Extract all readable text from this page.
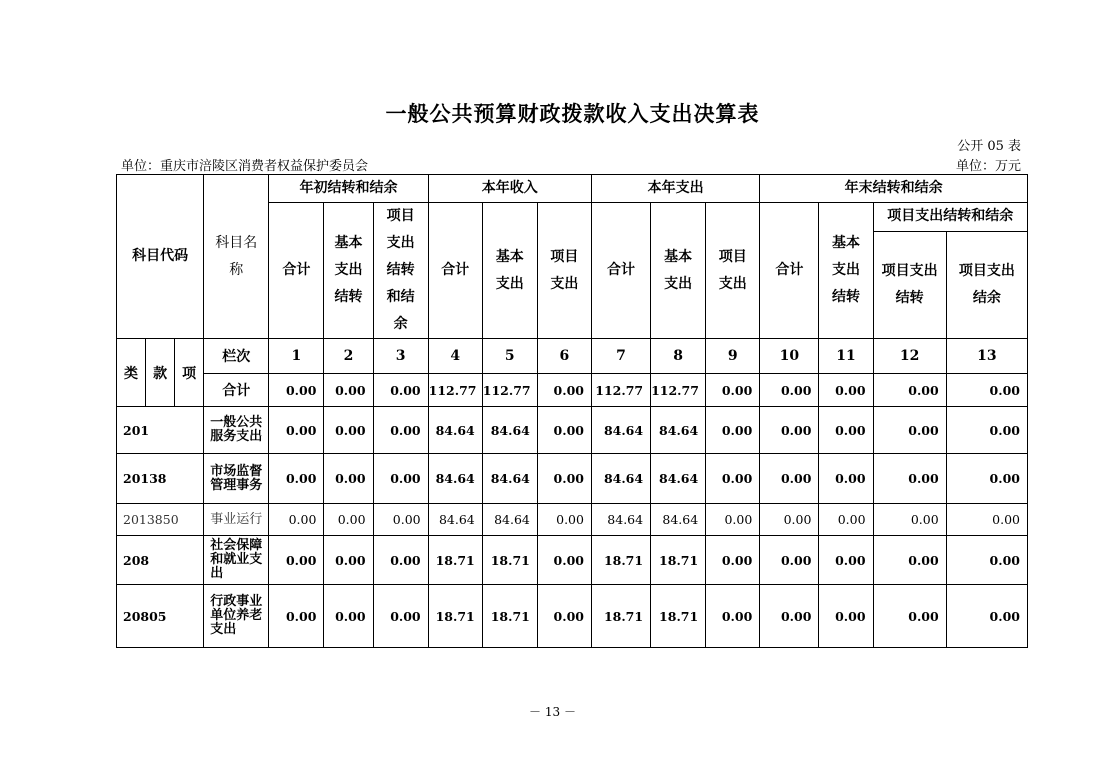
一般公共预算财政拨款收入支出决算表
公开 05 表
单位：重庆市涪陵区消费者权益保护委员会	单位：万元
科目代码			科目名称	年初结转和结余			本年收入			本年支出			年末结转和结余			
				合计	基本支出结转	项目支出结转和结余	合计	基本支出	项目支出	合计	基本支出	项目支出	合计	基本支出结转	项目支出结转和结余	
															项目支出结转	项目支出结余
类	款	项	栏次	1	2	3	4	5	6	7	8	9	10	11	12	13
			合计	0.00	0.00	0.00	112.77	112.77	0.00	112.77	112.77	0.00	0.00	0.00	0.00	0.00
201			一般公共服务支出	0.00	0.00	0.00	84.64	84.64	0.00	84.64	84.64	0.00	0.00	0.00	0.00	0.00
20138			市场监督管理事务	0.00	0.00	0.00	84.64	84.64	0.00	84.64	84.64	0.00	0.00	0.00	0.00	0.00
2013850			事业运行	0.00	0.00	0.00	84.64	84.64	0.00	84.64	84.64	0.00	0.00	0.00	0.00	0.00
208			社会保障和就业支出	0.00	0.00	0.00	18.71	18.71	0.00	18.71	18.71	0.00	0.00	0.00	0.00	0.00
20805			行政事业单位养老支出	0.00	0.00	0.00	18.71	18.71	0.00	18.71	18.71	0.00	0.00	0.00	0.00	0.00
－ 13 －
